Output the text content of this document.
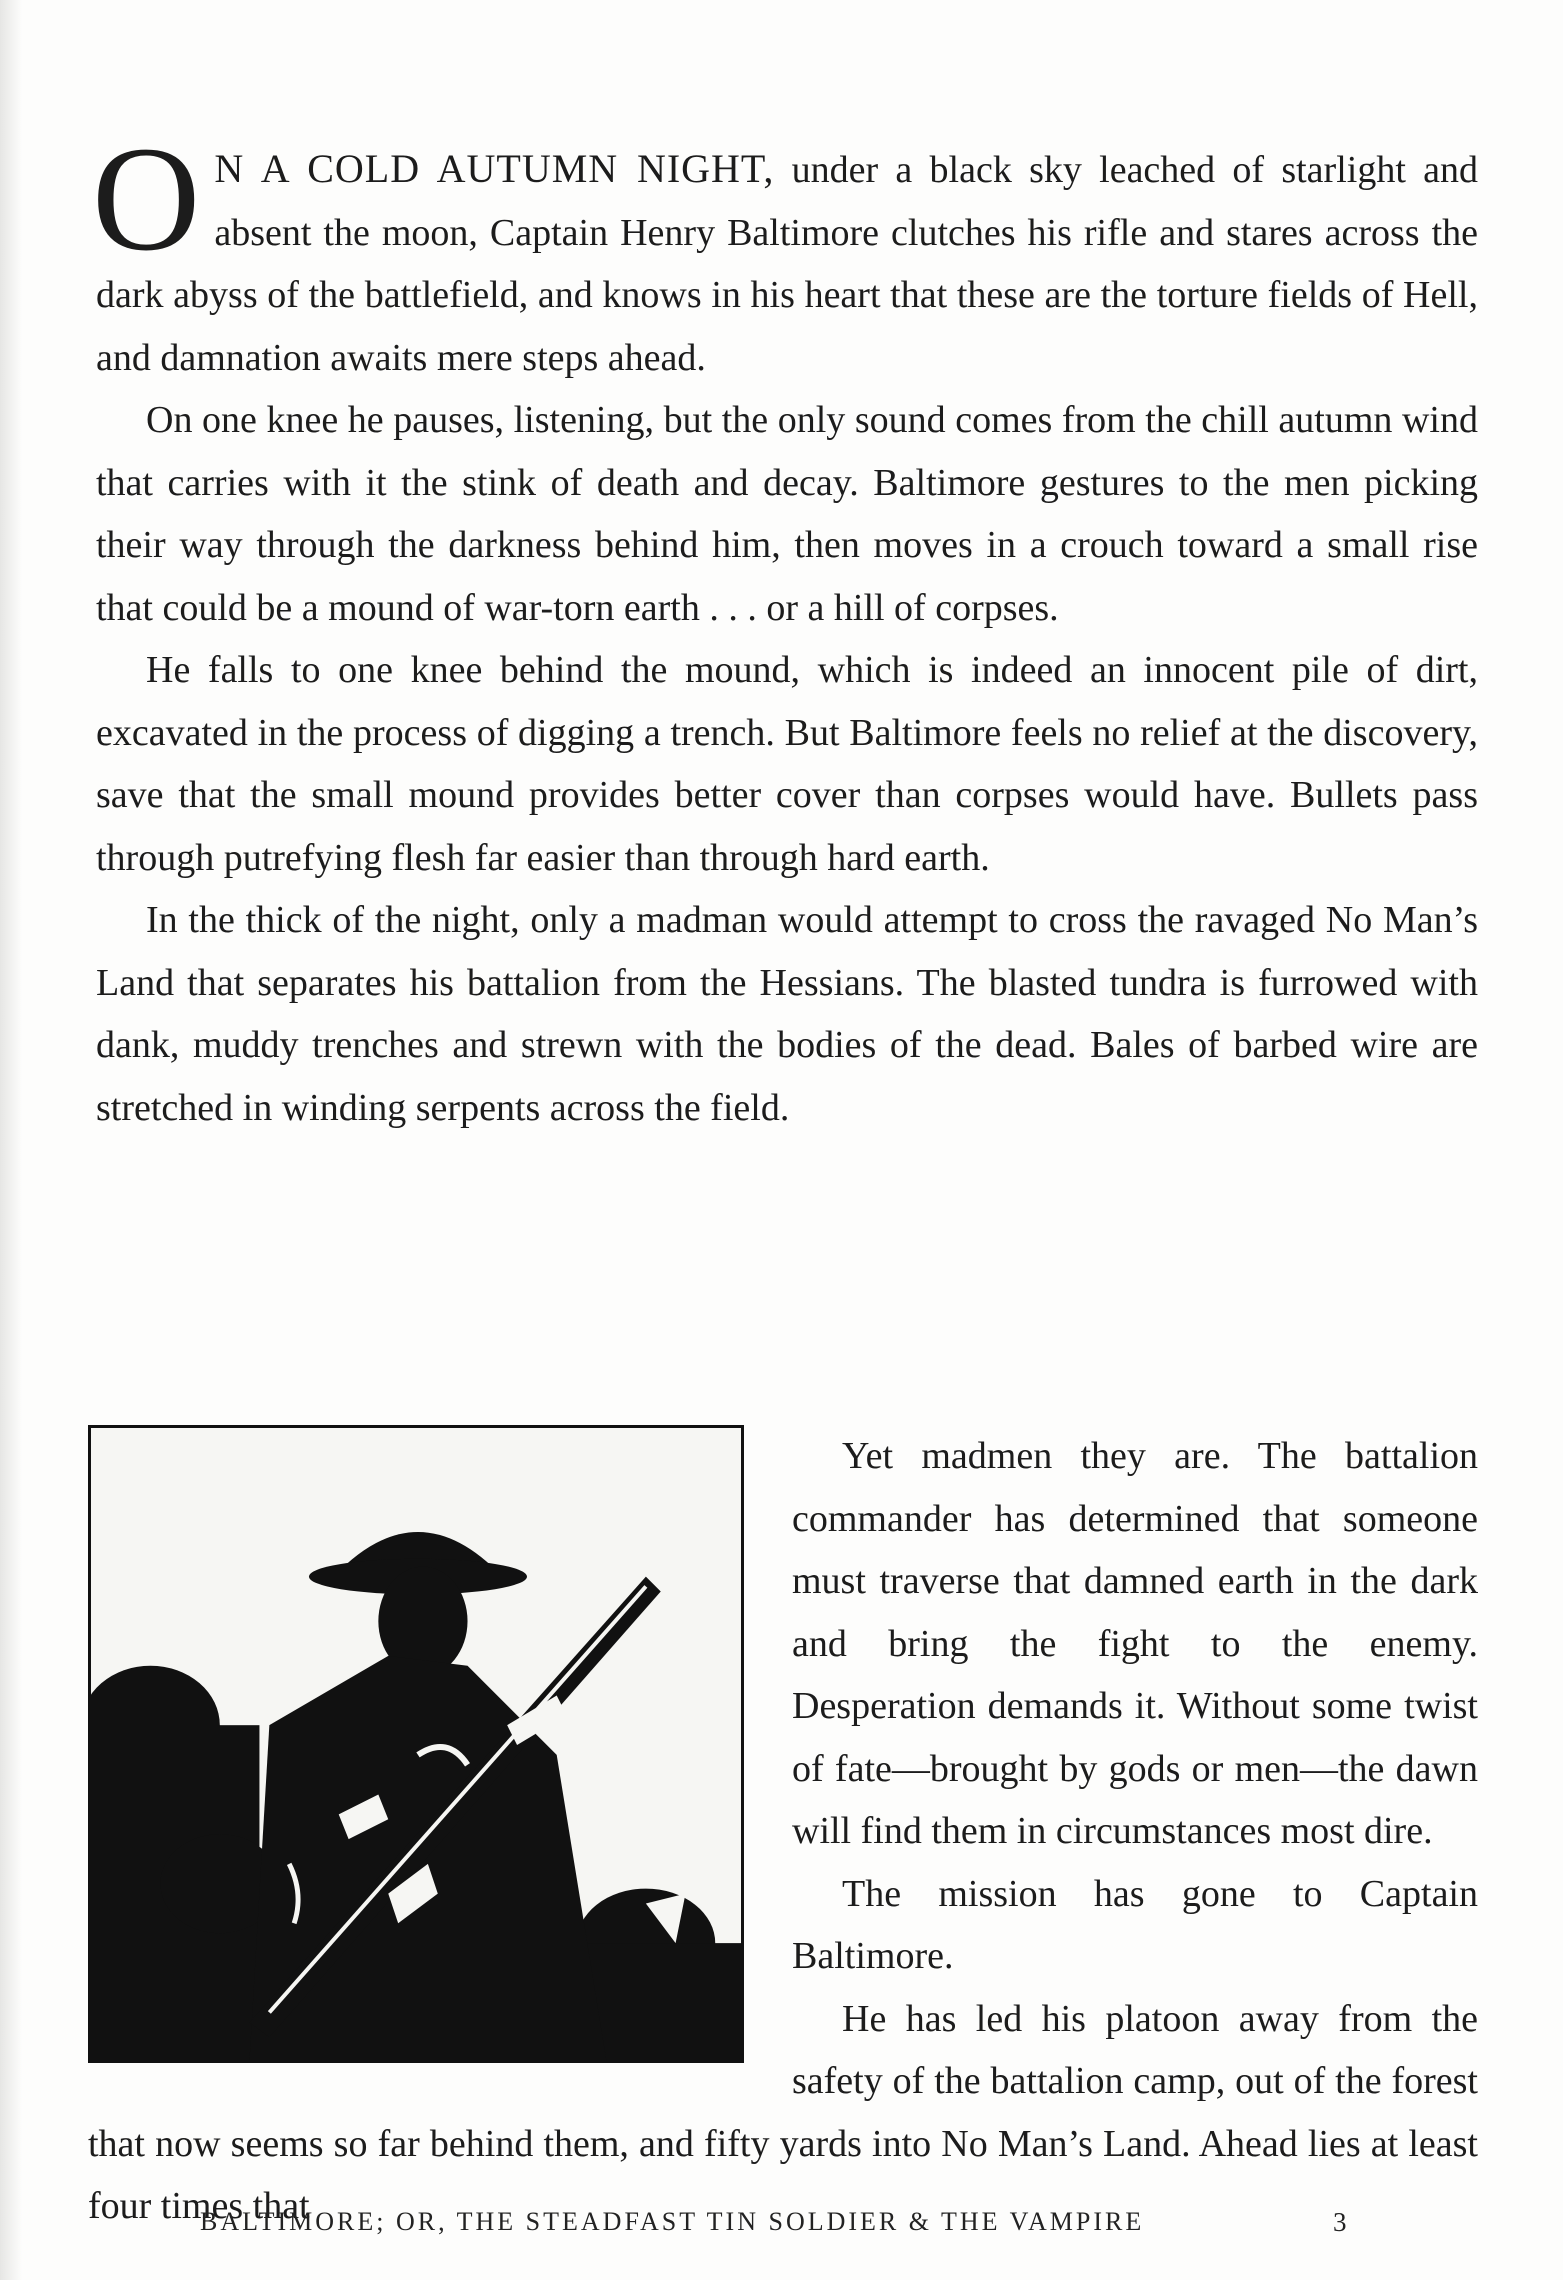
O N A COLD AUTUMN NIGHT, under a black sky leached of starlight and absent the moon, Captain Henry Baltimore clutches his rifle and stares across the dark abyss of the battlefield, and knows in his heart that these are the torture fields of Hell, and damnation awaits mere steps ahead.

On one knee he pauses, listening, but the only sound comes from the chill autumn wind that carries with it the stink of death and decay. Baltimore gestures to the men picking their way through the darkness behind him, then moves in a crouch toward a small rise that could be a mound of war-torn earth . . . or a hill of corpses.

He falls to one knee behind the mound, which is indeed an innocent pile of dirt, excavated in the process of digging a trench. But Baltimore feels no relief at the discovery, save that the small mound provides better cover than corpses would have. Bullets pass through putrefying flesh far easier than through hard earth.

In the thick of the night, only a madman would attempt to cross the ravaged No Man’s Land that separates his battalion from the Hessians. The blasted tundra is furrowed with dank, muddy trenches and strewn with the bodies of the dead. Bales of barbed wire are stretched in winding serpents across the field.

Yet madmen they are. The battalion commander has determined that someone must traverse that damned earth in the dark and bring the fight to the enemy. Desperation demands it. Without some twist of fate—brought by gods or men—the dawn will find them in circumstances most dire.

The mission has gone to Captain Baltimore.

He has led his platoon away from the safety of the battalion camp, out of the forest that now seems so far behind them, and fifty yards into No Man’s Land. Ahead lies at least four times that

BALTIMORE; OR, THE STEADFAST TIN SOLDIER & THE VAMPIRE	3
